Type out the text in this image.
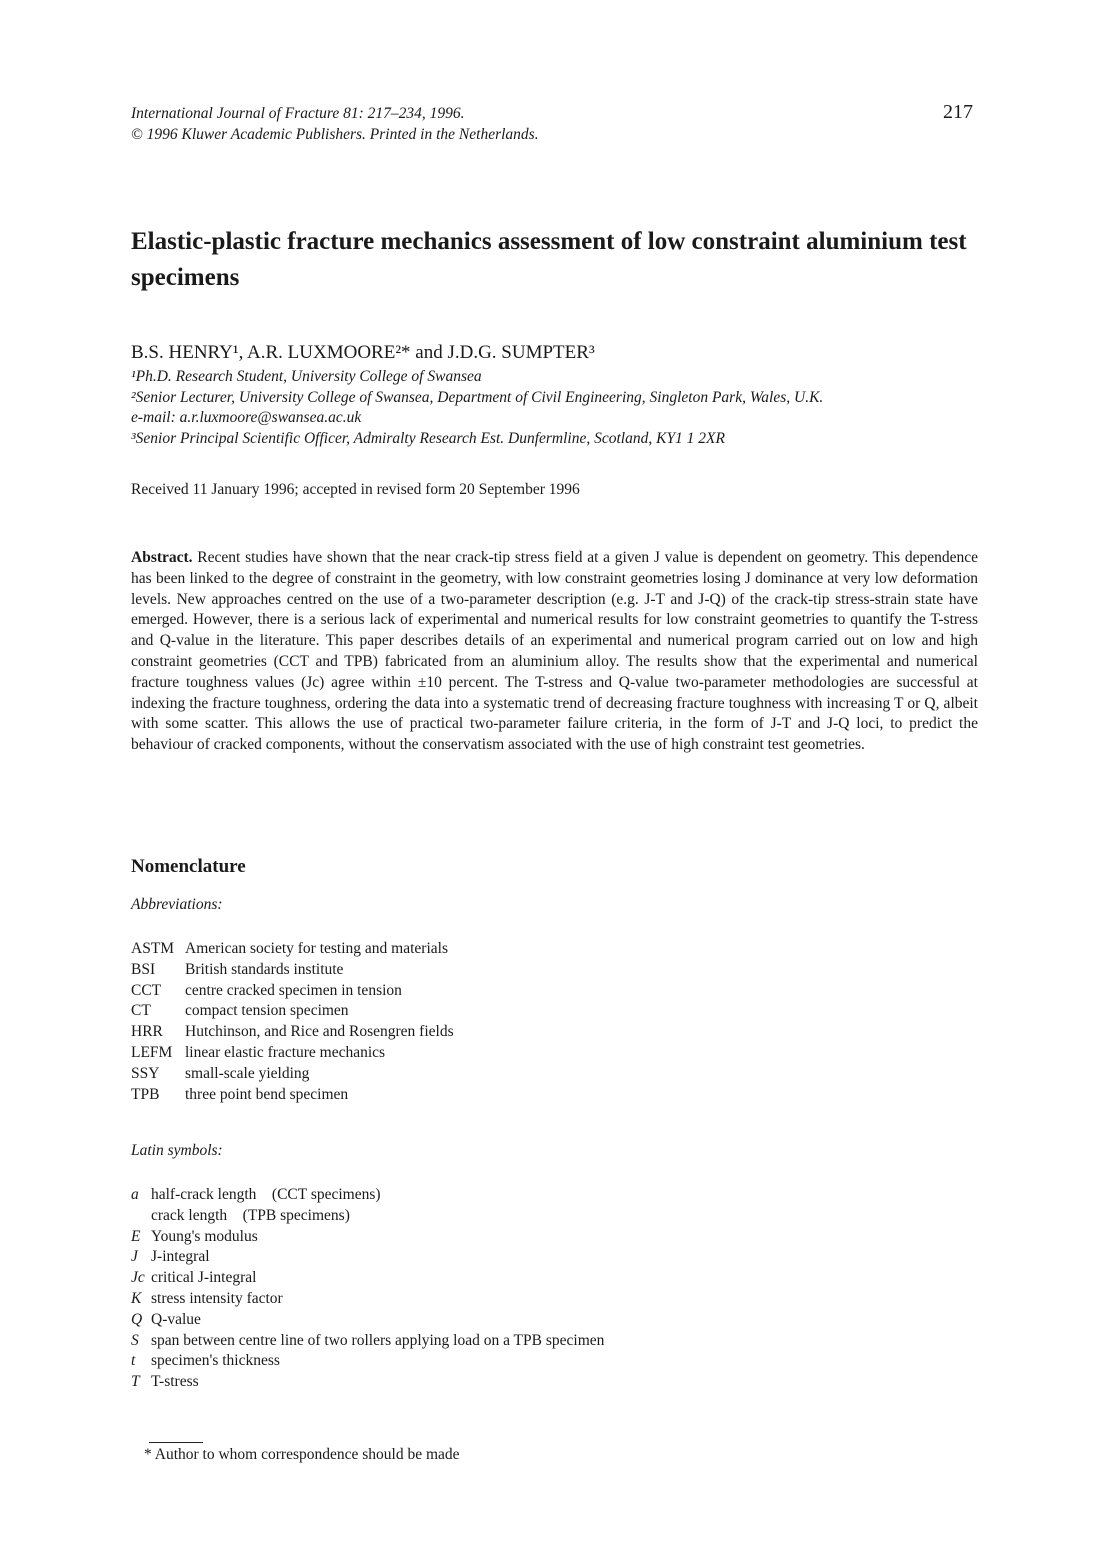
International Journal of Fracture 81: 217–234, 1996.
© 1996 Kluwer Academic Publishers. Printed in the Netherlands.
217
Elastic-plastic fracture mechanics assessment of low constraint aluminium test specimens
B.S. HENRY¹, A.R. LUXMOORE²* and J.D.G. SUMPTER³
¹Ph.D. Research Student, University College of Swansea
²Senior Lecturer, University College of Swansea, Department of Civil Engineering, Singleton Park, Wales, U.K.
e-mail: a.r.luxmoore@swansea.ac.uk
³Senior Principal Scientific Officer, Admiralty Research Est. Dunfermline, Scotland, KY1 1 2XR
Received 11 January 1996; accepted in revised form 20 September 1996
Abstract. Recent studies have shown that the near crack-tip stress field at a given J value is dependent on geometry. This dependence has been linked to the degree of constraint in the geometry, with low constraint geometries losing J dominance at very low deformation levels. New approaches centred on the use of a two-parameter description (e.g. J-T and J-Q) of the crack-tip stress-strain state have emerged. However, there is a serious lack of experimental and numerical results for low constraint geometries to quantify the T-stress and Q-value in the literature. This paper describes details of an experimental and numerical program carried out on low and high constraint geometries (CCT and TPB) fabricated from an aluminium alloy. The results show that the experimental and numerical fracture toughness values (Jc) agree within ±10 percent. The T-stress and Q-value two-parameter methodologies are successful at indexing the fracture toughness, ordering the data into a systematic trend of decreasing fracture toughness with increasing T or Q, albeit with some scatter. This allows the use of practical two-parameter failure criteria, in the form of J-T and J-Q loci, to predict the behaviour of cracked components, without the conservatism associated with the use of high constraint test geometries.
Nomenclature
Abbreviations:
ASTM American society for testing and materials
BSI	British standards institute
CCT	centre cracked specimen in tension
CT	compact tension specimen
HRR	Hutchinson, and Rice and Rosengren fields
LEFM linear elastic fracture mechanics
SSY	small-scale yielding
TPB	three point bend specimen
Latin symbols:
a half-crack length    (CCT specimens)
crack length    (TPB specimens)
E Young's modulus
J J-integral
Jc critical J-integral
K stress intensity factor
Q Q-value
S span between centre line of two rollers applying load on a TPB specimen
t	specimen's thickness
T T-stress
* Author to whom correspondence should be made
